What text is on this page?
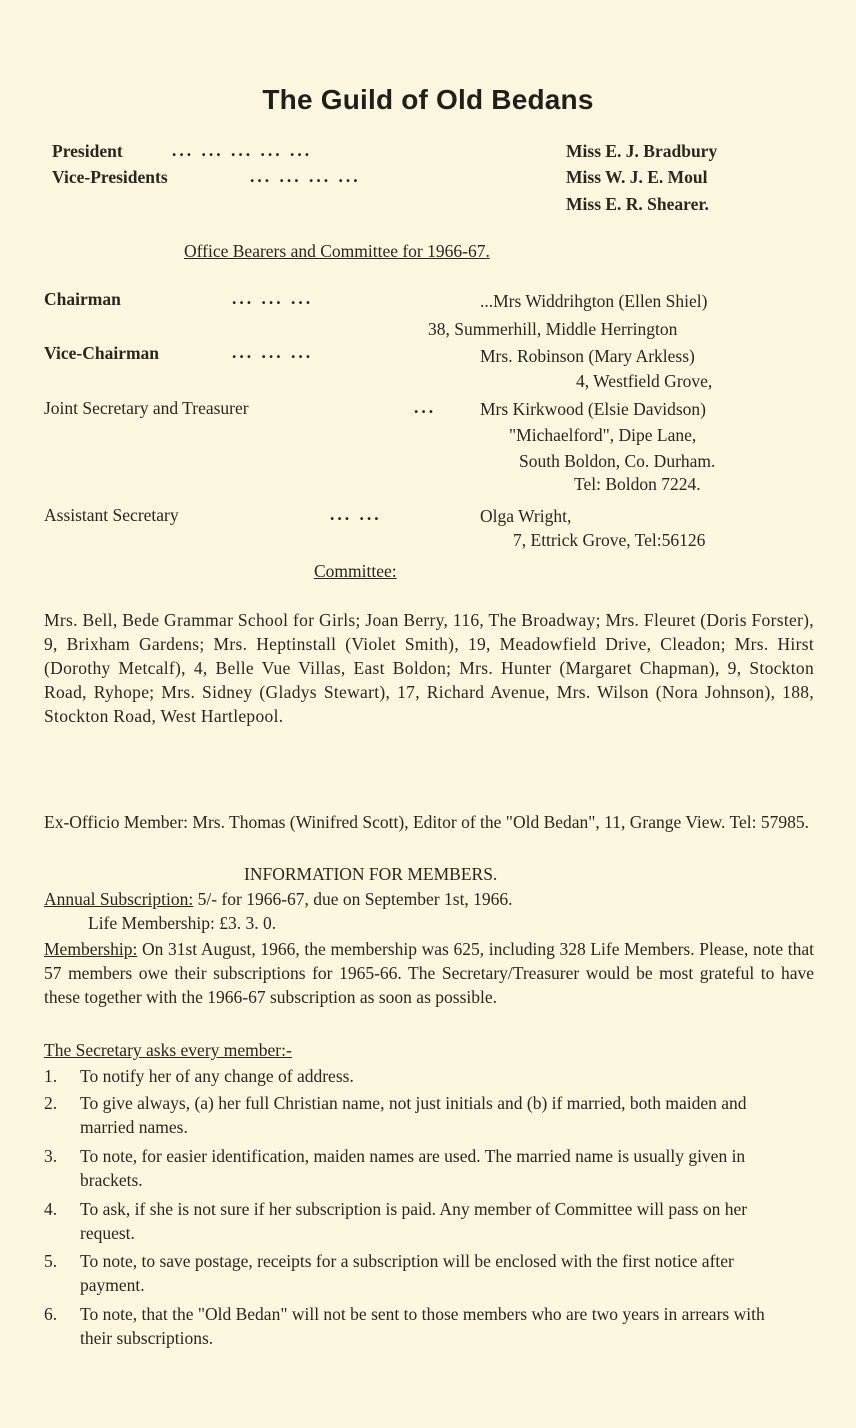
The Guild of Old Bedans
President	... ... ... ... ...	Miss E. J. Bradbury
Vice-Presidents	... ... ... ...	Miss W. J. E. Moul
Miss E. R. Shearer.
Office Bearers and Committee for 1966-67.
Chairman	... ... ...	...Mrs Widdrihgton (Ellen Shiel)
38, Summerhill, Middle Herrington
Vice-Chairman	... ... ...	Mrs. Robinson (Mary Arkless)
4, Westfield Grove,
Joint Secretary and Treasurer	...	Mrs Kirkwood (Elsie Davidson)
"Michaelford", Dipe Lane,
South Boldon, Co. Durham.
Tel: Boldon 7224.
Assistant Secretary	... ...	Olga Wright,
7, Ettrick Grove, Tel:56126
Committee:
Mrs. Bell, Bede Grammar School for Girls; Joan Berry, 116, The Broadway; Mrs. Fleuret (Doris Forster), 9, Brixham Gardens; Mrs. Heptinstall (Violet Smith), 19, Meadowfield Drive, Cleadon; Mrs. Hirst (Dorothy Metcalf), 4, Belle Vue Villas, East Boldon; Mrs. Hunter (Margaret Chapman), 9, Stockton Road, Ryhope; Mrs. Sidney (Gladys Stewart), 17, Richard Avenue, Mrs. Wilson (Nora Johnson), 188, Stockton Road, West Hartlepool.
Ex-Officio Member: Mrs. Thomas (Winifred Scott), Editor of the "Old Bedan", 11, Grange View. Tel: 57985.
INFORMATION FOR MEMBERS.
Annual Subscription: 5/- for 1966-67, due on September 1st, 1966.
Life Membership: £3. 3. 0.
Membership: On 31st August, 1966, the membership was 625, including 328 Life Members. Please, note that 57 members owe their subscriptions for 1965-66. The Secretary/Treasurer would be most grateful to have these together with the 1966-67 subscription as soon as possible.
The Secretary asks every member:-
1.	To notify her of any change of address.
2.	To give always, (a) her full Christian name, not just initials and (b) if married, both maiden and married names.
3.	To note, for easier identification, maiden names are used. The married name is usually given in brackets.
4.	To ask, if she is not sure if her subscription is paid. Any member of Committee will pass on her request.
5.	To note, to save postage, receipts for a subscription will be enclosed with the first notice after payment.
6.	To note, that the "Old Bedan" will not be sent to those members who are two years in arrears with their subscriptions.
